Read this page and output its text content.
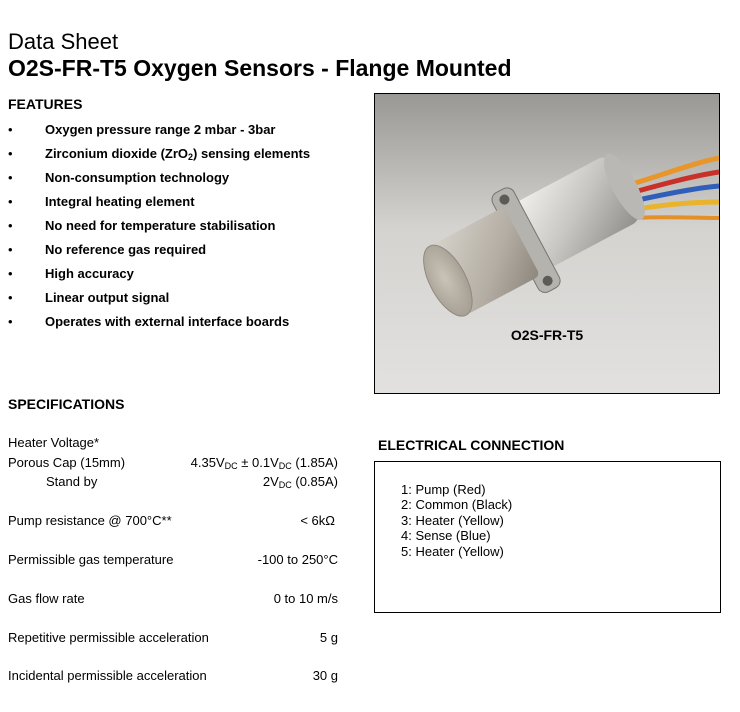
Data Sheet
O2S-FR-T5 Oxygen Sensors - Flange Mounted
FEATURES
• Oxygen pressure range 2 mbar - 3bar
• Zirconium dioxide (ZrO$_2$) sensing elements
• Non-consumption technology
• Integral heating element
• No need for temperature stabilisation
• No reference gas required
• High accuracy
• Linear output signal
• Operates with external interface boards
O2S-FR-T5
SPECIFICATIONS
Heater Voltage*
Porous Cap (15mm)	$4.35V_{DC} \pm 0.1V_{DC}$ (1.85A)
Stand by	$2V_{DC}$ (0.85A)
Pump resistance @ 700°C**	< 6kΩ
Permissible gas temperature	-100 to 250°C
Gas flow rate	0 to 10 m/s
Repetitive permissible acceleration	5 g
Incidental permissible acceleration	30 g
ELECTRICAL CONNECTION
1: Pump (Red)
2: Common (Black)
3: Heater (Yellow)
4: Sense (Blue)
5: Heater (Yellow)
